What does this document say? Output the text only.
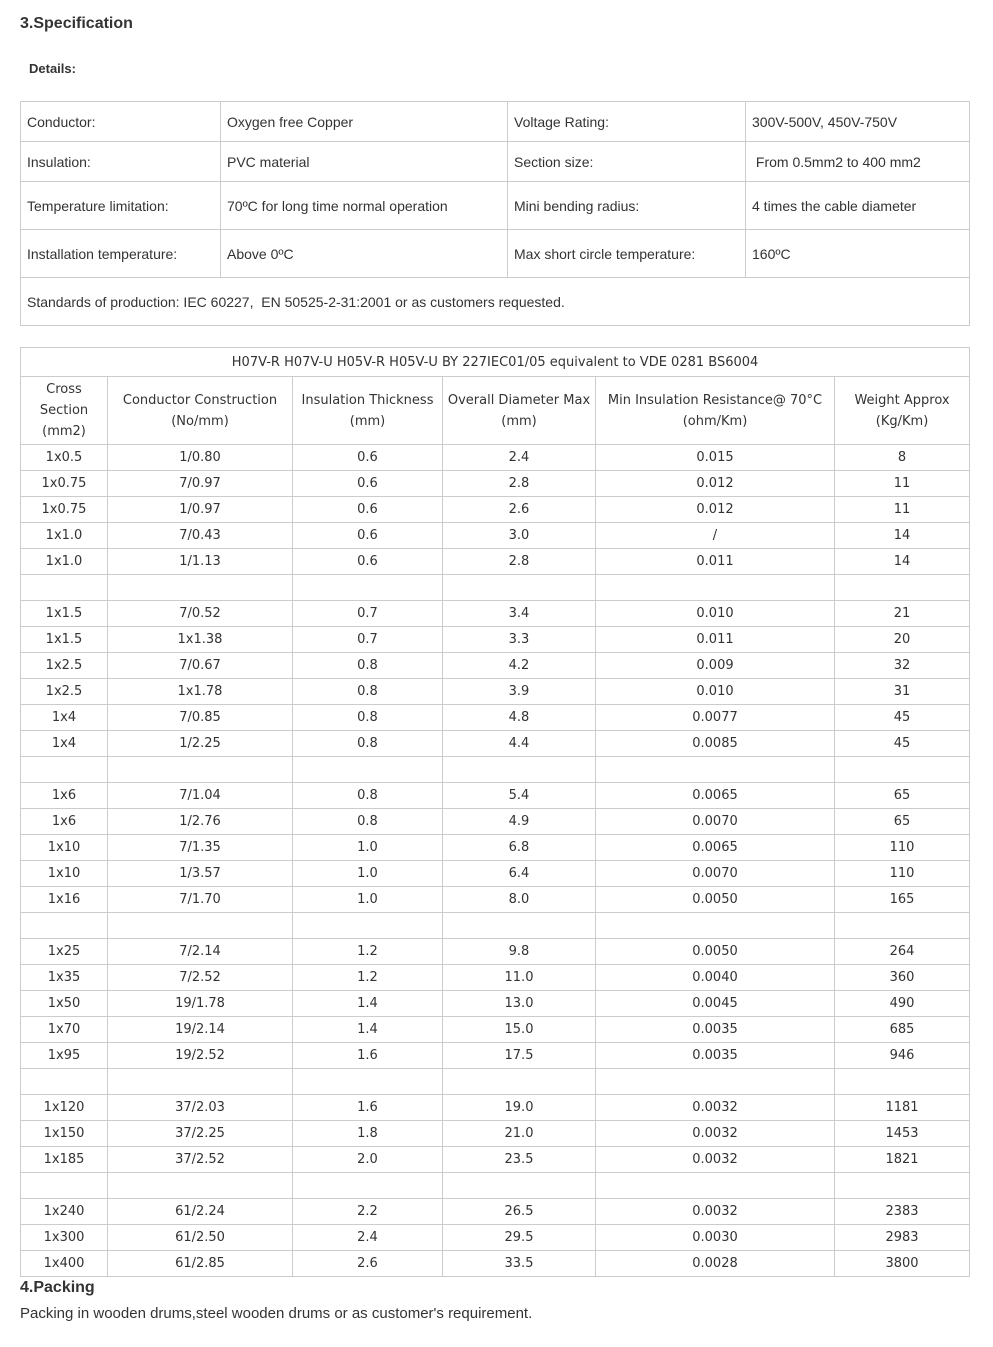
3.Specification
Details:
Conductor:	Oxygen free Copper	Voltage Rating:	300V-500V, 450V-750V
Insulation:	PVC material	Section size:	From 0.5mm2 to 400 mm2
Temperature limitation:	70ºC for long time normal operation	Mini bending radius:	4 times the cable diameter
Installation temperature:	Above 0ºC	Max short circle temperature:	160ºC
Standards of production: IEC 60227,  EN 50525-2-31:2001 or as customers requested.			
H07V-R H07V-U H05V-R H05V-U BY 227IEC01/05 equivalent to VDE 0281 BS6004					
Cross Section (mm2)	Conductor Construction (No/mm)	Insulation Thickness (mm)	Overall Diameter Max (mm)	Min Insulation Resistance@ 70°C (ohm/Km)	Weight Approx (Kg/Km)
1x0.5	1/0.80	0.6	2.4	0.015	8
1x0.75	7/0.97	0.6	2.8	0.012	11
1x0.75	1/0.97	0.6	2.6	0.012	11
1x1.0	7/0.43	0.6	3.0	/	14
1x1.0	1/1.13	0.6	2.8	0.011	14

1x1.5	7/0.52	0.7	3.4	0.010	21
1x1.5	1x1.38	0.7	3.3	0.011	20
1x2.5	7/0.67	0.8	4.2	0.009	32
1x2.5	1x1.78	0.8	3.9	0.010	31
1x4	7/0.85	0.8	4.8	0.0077	45
1x4	1/2.25	0.8	4.4	0.0085	45

1x6	7/1.04	0.8	5.4	0.0065	65
1x6	1/2.76	0.8	4.9	0.0070	65
1x10	7/1.35	1.0	6.8	0.0065	110
1x10	1/3.57	1.0	6.4	0.0070	110
1x16	7/1.70	1.0	8.0	0.0050	165

1x25	7/2.14	1.2	9.8	0.0050	264
1x35	7/2.52	1.2	11.0	0.0040	360
1x50	19/1.78	1.4	13.0	0.0045	490
1x70	19/2.14	1.4	15.0	0.0035	685
1x95	19/2.52	1.6	17.5	0.0035	946

1x120	37/2.03	1.6	19.0	0.0032	1181
1x150	37/2.25	1.8	21.0	0.0032	1453
1x185	37/2.52	2.0	23.5	0.0032	1821

1x240	61/2.24	2.2	26.5	0.0032	2383
1x300	61/2.50	2.4	29.5	0.0030	2983
1x400	61/2.85	2.6	33.5	0.0028	3800
4.Packing

Packing in wooden drums,steel wooden drums or as customer's requirement.
